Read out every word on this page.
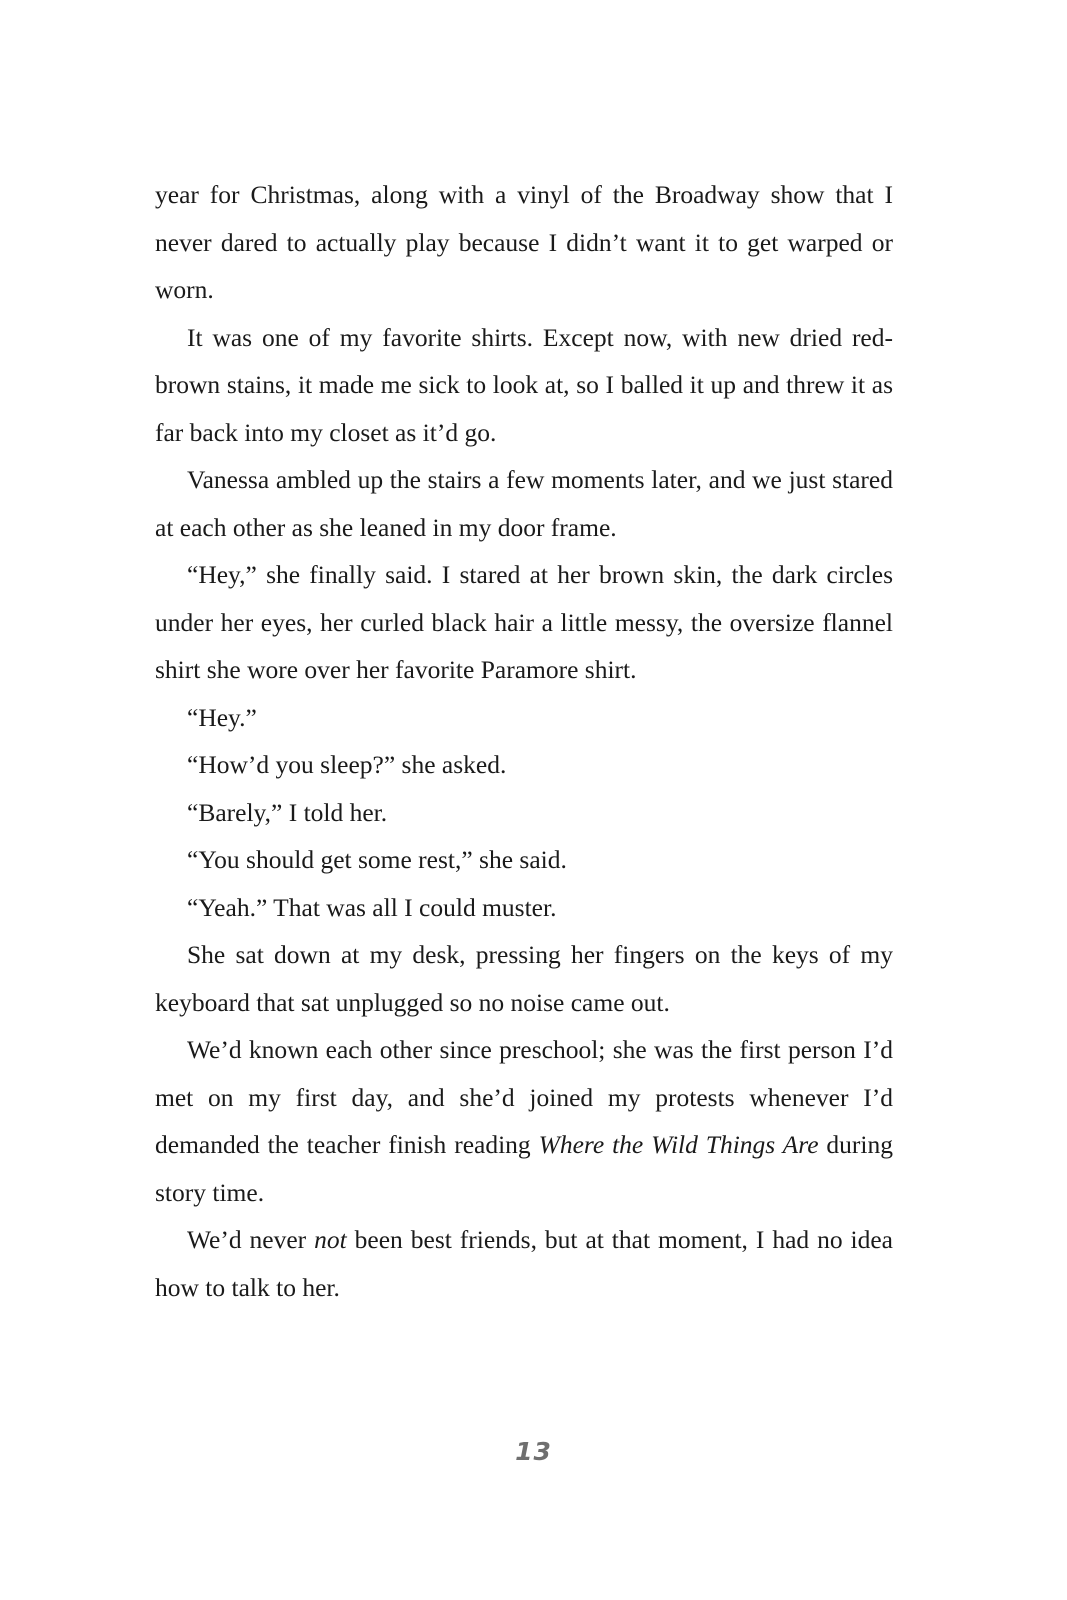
year for Christmas, along with a vinyl of the Broadway show that I never dared to actually play because I didn’t want it to get warped or worn.

It was one of my favorite shirts. Except now, with new dried red-brown stains, it made me sick to look at, so I balled it up and threw it as far back into my closet as it’d go.

Vanessa ambled up the stairs a few moments later, and we just stared at each other as she leaned in my door frame.

“Hey,” she finally said. I stared at her brown skin, the dark circles under her eyes, her curled black hair a little messy, the oversize flannel shirt she wore over her favorite Paramore shirt.

“Hey.”

“How’d you sleep?” she asked.

“Barely,” I told her.

“You should get some rest,” she said.

“Yeah.” That was all I could muster.

She sat down at my desk, pressing her fingers on the keys of my keyboard that sat unplugged so no noise came out.

We’d known each other since preschool; she was the first person I’d met on my first day, and she’d joined my protests whenever I’d demanded the teacher finish reading Where the Wild Things Are during story time.

We’d never not been best friends, but at that moment, I had no idea how to talk to her.

13
